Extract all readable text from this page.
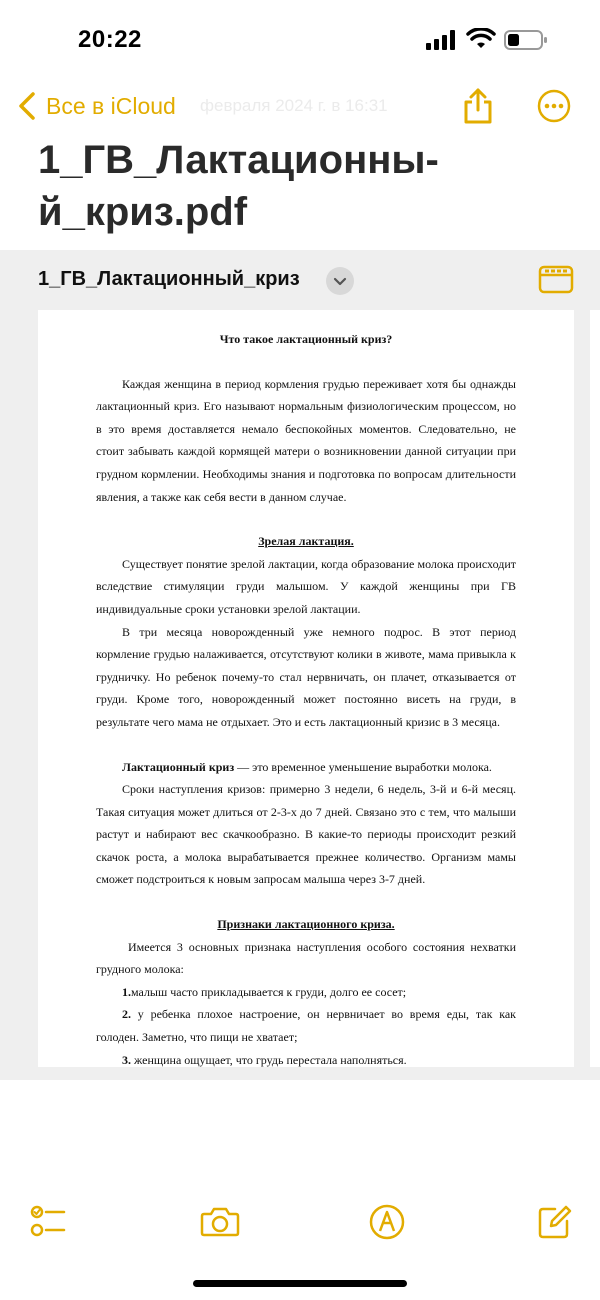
20:22
Все в iCloud февраля 2024 г. в 16:31
1_ГВ_Лактационны-
й_криз.pdf
1_ГВ_Лактационный_криз

Что такое лактационный криз?

Каждая женщина в период кормления грудью переживает хотя бы однажды лактационный криз. Его называют нормальным физиологическим процессом, но в это время доставляется немало беспокойных моментов. Следовательно, не стоит забывать каждой кормящей матери о возникновении данной ситуации при грудном кормлении. Необходимы знания и подготовка по вопросам длительности явления, а также как себя вести в данном случае.

Зрелая лактация.

Существует понятие зрелой лактации, когда образование молока происходит вследствие стимуляции груди малышом. У каждой женщины при ГВ индивидуальные сроки установки зрелой лактации.

В три месяца новорожденный уже немного подрос. В этот период кормление грудью налаживается, отсутствуют колики в животе, мама привыкла к грудничку. Но ребенок почему-то стал нервничать, он плачет, отказывается от груди. Кроме того, новорожденный может постоянно висеть на груди, в результате чего мама не отдыхает. Это и есть лактационный кризис в 3 месяца.

Лактационный криз — это временное уменьшение выработки молока.

Сроки наступления кризов: примерно 3 недели, 6 недель, 3-й и 6-й месяц. Такая ситуация может длиться от 2-3-х до 7 дней. Связано это с тем, что малыши растут и набирают вес скачкообразно. В какие-то периоды происходит резкий скачок роста, а молока вырабатывается прежнее количество. Организм мамы сможет подстроиться к новым запросам малыша через 3-7 дней.

Признаки лактационного криза.

Имеется 3 основных признака наступления особого состояния нехватки грудного молока:

1.малыш часто прикладывается к груди, долго ее сосет;

2. у ребенка плохое настроение, он нервничает во время еды, так как голоден. Заметно, что пищи не хватает;

3. женщина ощущает, что грудь перестала наполняться.
